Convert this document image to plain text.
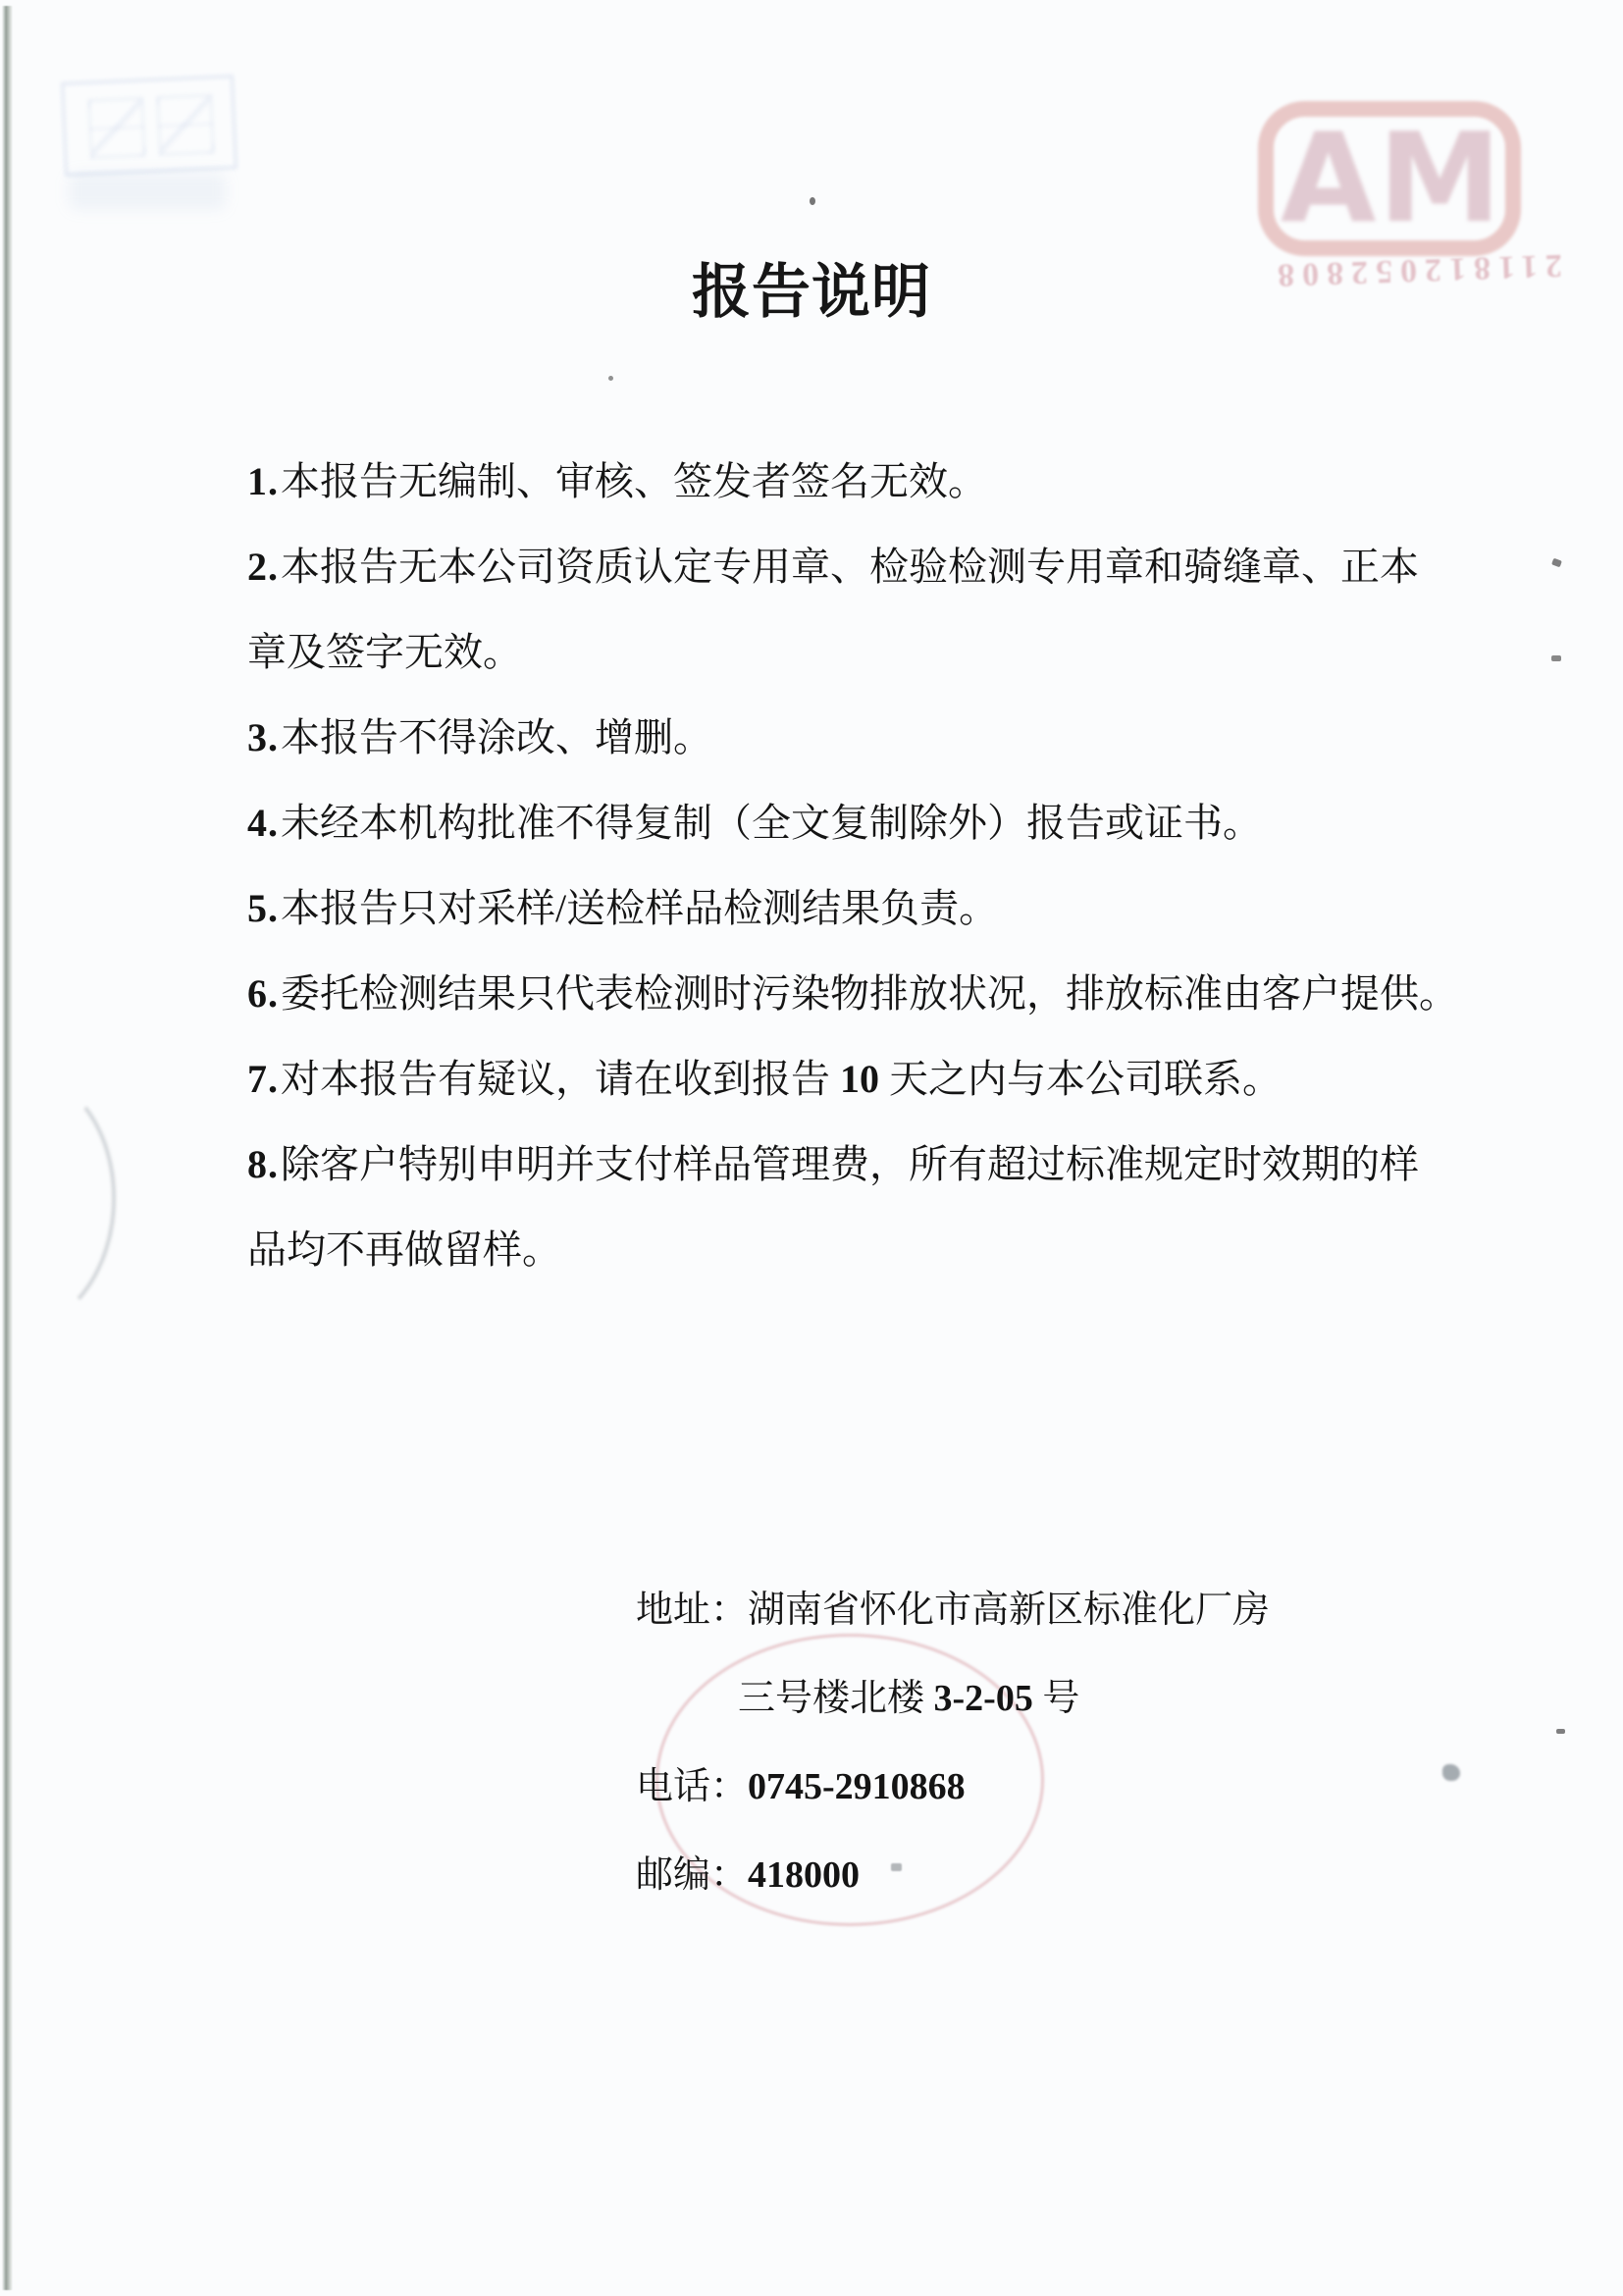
报告说明
MA
211812052808
1.本报告无编制、审核、签发者签名无效。
2.本报告无本公司资质认定专用章、检验检测专用章和骑缝章、正本
章及签字无效。
3.本报告不得涂改、增删。
4.未经本机构批准不得复制（全文复制除外）报告或证书。
5.本报告只对采样/送检样品检测结果负责。
6.委托检测结果只代表检测时污染物排放状况，排放标准由客户提供。
7.对本报告有疑议，请在收到报告 10 天之内与本公司联系。
8.除客户特别申明并支付样品管理费，所有超过标准规定时效期的样
品均不再做留样。
地址：湖南省怀化市高新区标准化厂房
三号楼北楼 3-2-05 号
电话：0745-2910868
邮编：418000
